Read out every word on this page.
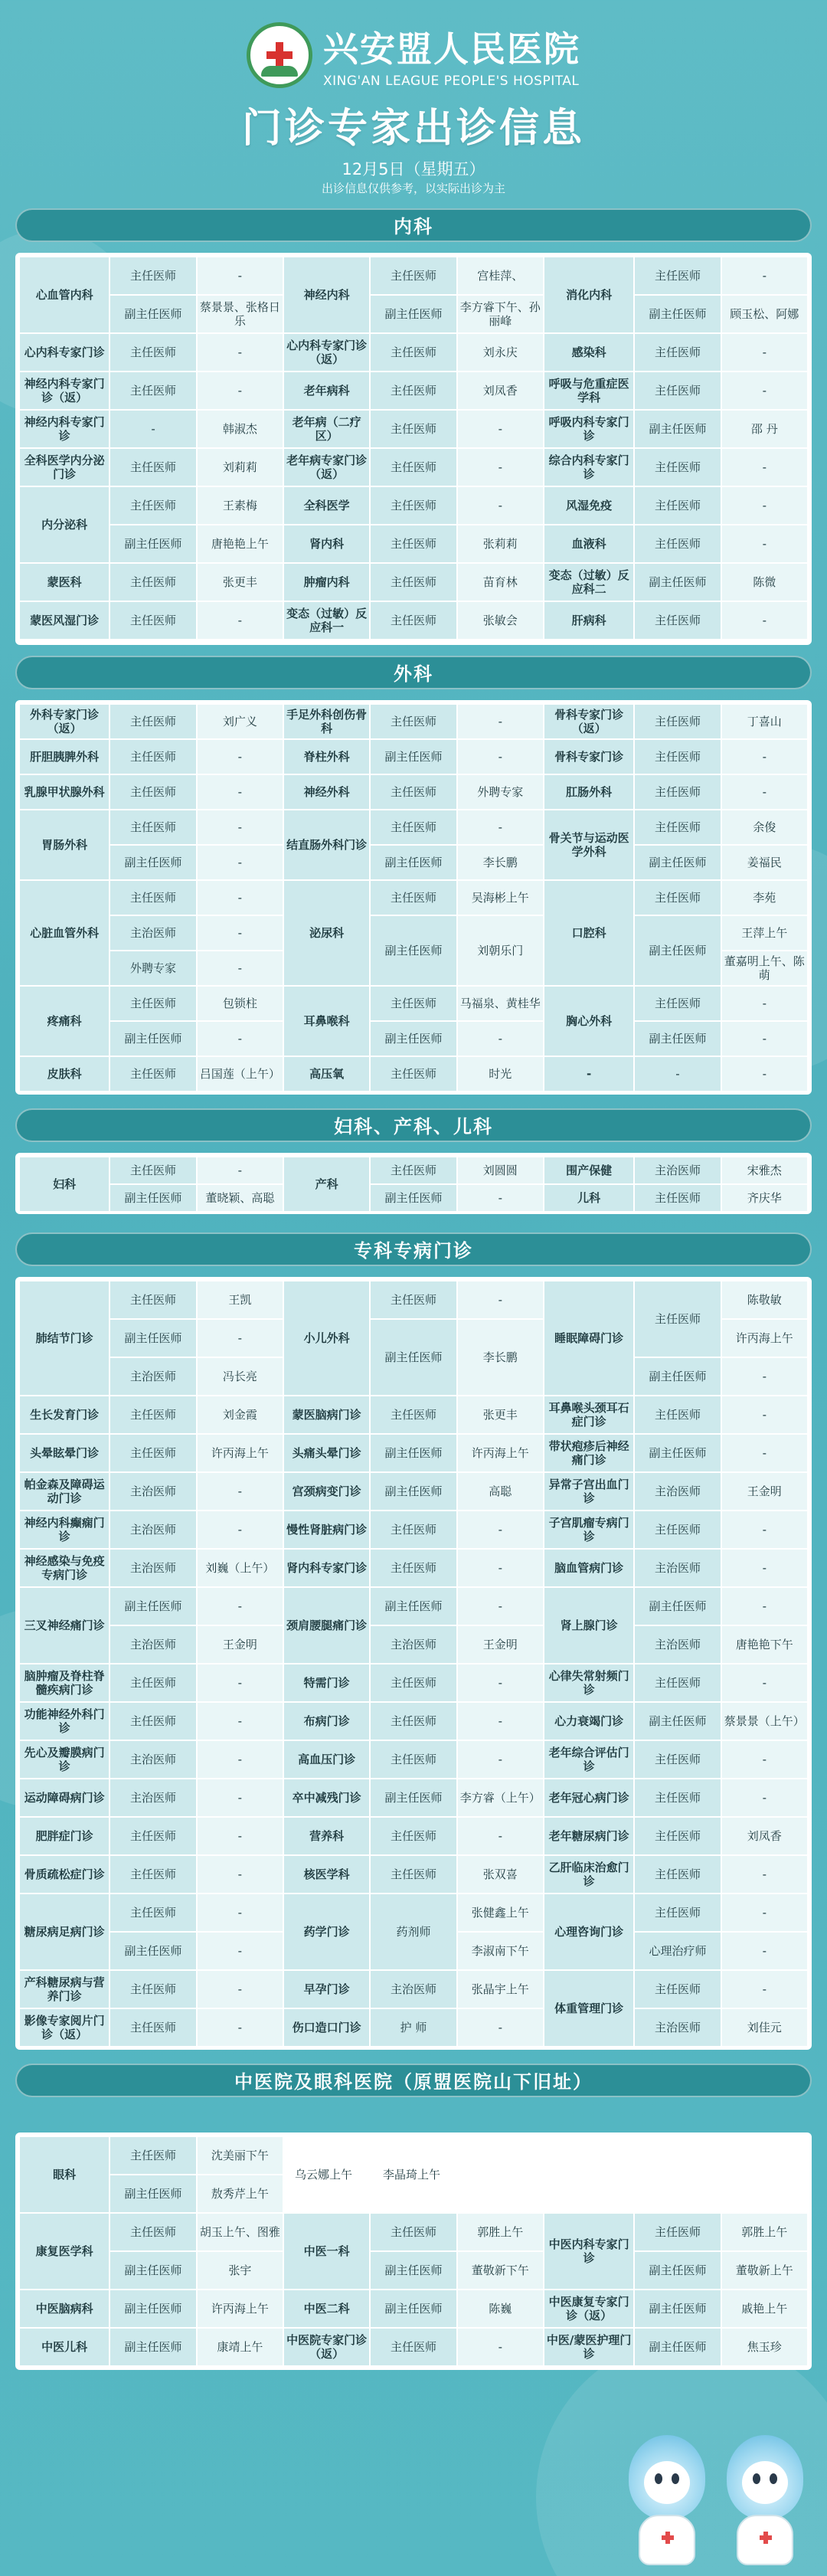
兴安盟人民医院
XING'AN LEAGUE PEOPLE'S HOSPITAL
门诊专家出诊信息
12月5日（星期五）
出诊信息仅供参考，以实际出诊为主
内科
心血管内科	主任医师	-	神经内科	主任医师	宫桂萍、	消化内科	主任医师	-
	副主任医师	蔡景景、张格日乐		副主任医师	李方睿下午、孙丽峰		副主任医师	顾玉松、阿娜
心内科专家门诊	主任医师	-	心内科专家门诊（返）	主任医师	刘永庆	感染科	主任医师	-
神经内科专家门诊（返）	主任医师	-	老年病科	主任医师	刘凤香	呼吸与危重症医学科	主任医师	-
神经内科专家门诊	-	韩淑杰	老年病（二疗区）	主任医师	-	呼吸内科专家门诊	副主任医师	邵 丹
全科医学内分泌门诊	主任医师	刘莉莉	老年病专家门诊（返）	主任医师	-	综合内科专家门诊	主任医师	-
内分泌科	主任医师	王素梅	全科医学	主任医师	-	风湿免疫	主任医师	-
	副主任医师	唐艳艳上午	肾内科	主任医师	张莉莉	血液科	主任医师	-
蒙医科	主任医师	张更丰	肿瘤内科	主任医师	苗育林	变态（过敏）反应科二	副主任医师	陈微
蒙医风湿门诊	主任医师	-	变态（过敏）反应科一	主任医师	张敏会	肝病科	主任医师	-
外科
外科专家门诊（返）	主任医师	刘广义	手足外科创伤骨科	主任医师	-	骨科专家门诊（返）	主任医师	丁喜山
肝胆胰脾外科	主任医师	-	脊柱外科	副主任医师	-	骨科专家门诊	主任医师	-
乳腺甲状腺外科	主任医师	-	神经外科	主任医师	外聘专家	肛肠外科	主任医师	-
胃肠外科	主任医师	-	结直肠外科门诊	主任医师	-	骨关节与运动医学外科	主任医师	余俊
	副主任医师	-		副主任医师	李长鹏		副主任医师	姜福民
心脏血管外科	主任医师	-	泌尿科	主任医师	吴海彬上午	口腔科	主任医师	李苑
	主治医师	-		副主任医师	刘朝乐门		副主任医师	王萍上午
	外聘专家	-						董嘉明上午、陈萌
疼痛科	主任医师	包锁柱	耳鼻喉科	主任医师	马福泉、黄桂华	胸心外科	主任医师	-
	副主任医师	-		副主任医师	-		副主任医师	-
皮肤科	主任医师	吕国莲（上午）	高压氧	主任医师	时光	-	-	-
妇科、产科、儿科
妇科	主任医师	-	产科	主任医师	刘圆圆	围产保健	主治医师	宋雅杰
	副主任医师	董晓颖、高聪		副主任医师	-	儿科	主任医师	齐庆华
专科专病门诊
肺结节门诊	主任医师	王凯	小儿外科	主任医师	-	睡眠障碍门诊	主任医师	陈敬敏
	副主任医师	-		副主任医师	李长鹏			许丙海上午
	主治医师	冯长亮					副主任医师	-
生长发育门诊	主任医师	刘金霞	蒙医脑病门诊	主任医师	张更丰	耳鼻喉头颈耳石症门诊	主任医师	-
头晕眩晕门诊	主任医师	许丙海上午	头痛头晕门诊	副主任医师	许丙海上午	带状疱疹后神经痛门诊	副主任医师	-
帕金森及障碍运动门诊	主治医师	-	宫颈病变门诊	副主任医师	高聪	异常子宫出血门诊	主治医师	王金明
神经内科癫痫门诊	主治医师	-	慢性肾脏病门诊	主任医师	-	子宫肌瘤专病门诊	主任医师	-
神经感染与免疫专病门诊	主治医师	刘巍（上午）	肾内科专家门诊	主任医师	-	脑血管病门诊	主治医师	-
三叉神经痛门诊	副主任医师	-	颈肩腰腿痛门诊	副主任医师	-	肾上腺门诊	副主任医师	-
	主治医师	王金明		主治医师	王金明		主治医师	唐艳艳下午
脑肿瘤及脊柱脊髓疾病门诊	主任医师	-	特需门诊	主任医师	-	心律失常射频门诊	主任医师	-
功能神经外科门诊	主任医师	-	布病门诊	主任医师	-	心力衰竭门诊	副主任医师	蔡景景（上午）
先心及瓣膜病门诊	主治医师	-	高血压门诊	主任医师	-	老年综合评估门诊	主任医师	-
运动障碍病门诊	主治医师	-	卒中减残门诊	副主任医师	李方睿（上午）	老年冠心病门诊	主任医师	-
肥胖症门诊	主任医师	-	营养科	主任医师	-	老年糖尿病门诊	主任医师	刘凤香
骨质疏松症门诊	主任医师	-	核医学科	主任医师	张双喜	乙肝临床治愈门诊	主任医师	-
糖尿病足病门诊	主任医师	-	药学门诊	药剂师	张健鑫上午	心理咨询门诊	主任医师	-
	副主任医师	-			李淑南下午		心理治疗师	-
产科糖尿病与营养门诊	主任医师	-	早孕门诊	主治医师	张晶宇上午	体重管理门诊	主任医师	-
影像专家阅片门诊（返）	主任医师	-	伤口造口门诊	护 师	-		主治医师	刘佳元
中医院及眼科医院（原盟医院山下旧址）
眼科	主任医师	沈美丽下午	乌云娜上午 李晶琦上午					

	副主任医师	敖秀芹上午						
康复医学科	主任医师	胡玉上午、图雅	中医一科	主任医师	郭胜上午	中医内科专家门诊	主任医师	郭胜上午
	副主任医师	张宇		副主任医师	董敬新下午		副主任医师	董敬新上午
中医脑病科	副主任医师	许丙海上午	中医二科	副主任医师	陈巍	中医康复专家门诊（返）	副主任医师	戚艳上午
中医儿科	副主任医师	康靖上午	中医院专家门诊（返）	主任医师	-	中医/蒙医护理门诊	副主任医师	焦玉珍
